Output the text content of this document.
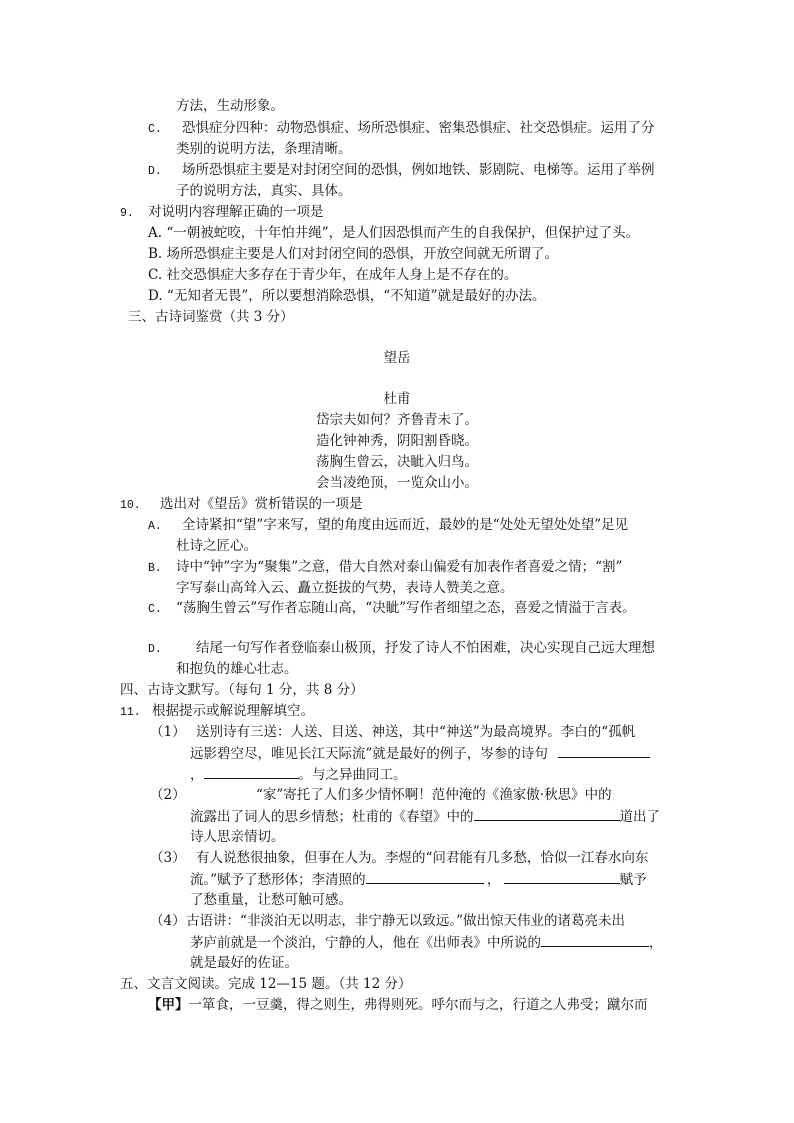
方法，生动形象。
C. 恐惧症分四种：动物恐惧症、场所恐惧症、密集恐惧症、社交恐惧症。运用了分
类别的说明方法，条理清晰。
D. 场所恐惧症主要是对封闭空间的恐惧，例如地铁、影剧院、电梯等。运用了举例
子的说明方法，真实、具体。
9. 对说明内容理解正确的一项是
A. “一朝被蛇咬，十年怕井绳”，是人们因恐惧而产生的自我保护，但保护过了头。
B. 场所恐惧症主要是人们对封闭空间的恐惧，开放空间就无所谓了。
C. 社交恐惧症大多存在于青少年，在成年人身上是不存在的。
D. “无知者无畏”，所以要想消除恐惧，“不知道”就是最好的办法。
三、古诗词鉴赏（共 3 分）
望岳
杜甫
岱宗夫如何？齐鲁青未了。
造化钟神秀，阴阳割昏晓。
荡胸生曾云，决眦入归鸟。
会当凌绝顶，一览众山小。
10. 选出对《望岳》赏析错误的一项是
A. 全诗紧扣“望”字来写，望的角度由远而近，最妙的是“处处无望处处望”足见
杜诗之匠心。
B. 诗中“钟”字为“聚集”之意，借大自然对泰山偏爱有加表作者喜爱之情；“割”
字写泰山高耸入云、矗立挺拔的气势，表诗人赞美之意。
C. “荡胸生曾云”写作者忘随山高，“决眦”写作者细望之态，喜爱之情溢于言表。
D.	结尾一句写作者登临泰山极顶，抒发了诗人不怕困难，决心实现自己远大理想
和抱负的雄心壮志。
四、古诗文默写。（每句 1 分，共 8 分）
11. 根据提示或解说理解填空。
（1） 送别诗有三送：人送、目送、神送，其中“神送”为最高境界。李白的“孤帆
远影碧空尽，唯见长江天际流”就是最好的例子，岑参的诗句
，	。与之异曲同工。
（2）	“家”寄托了人们多少情怀啊！范仲淹的《渔家傲·秋思》中的
流露出了词人的思乡情愁；杜甫的《春望》中的	道出了
诗人思亲情切。
（3） 有人说愁很抽象，但事在人为。李煜的“问君能有几多愁，恰似一江春水向东
流。”赋予了愁形体；李清照的	，	赋予
了愁重量，让愁可触可感。
（4）古语讲：“非淡泊无以明志，非宁静无以致远。”做出惊天伟业的诸葛亮未出
茅庐前就是一个淡泊，宁静的人，他在《出师表》中所说的	，
就是最好的佐证。
五、文言文阅读。完成 12—15 题。（共 12 分）
【甲】一箪食，一豆羹，得之则生，弗得则死。呼尔而与之，行道之人弗受；蹴尔而
